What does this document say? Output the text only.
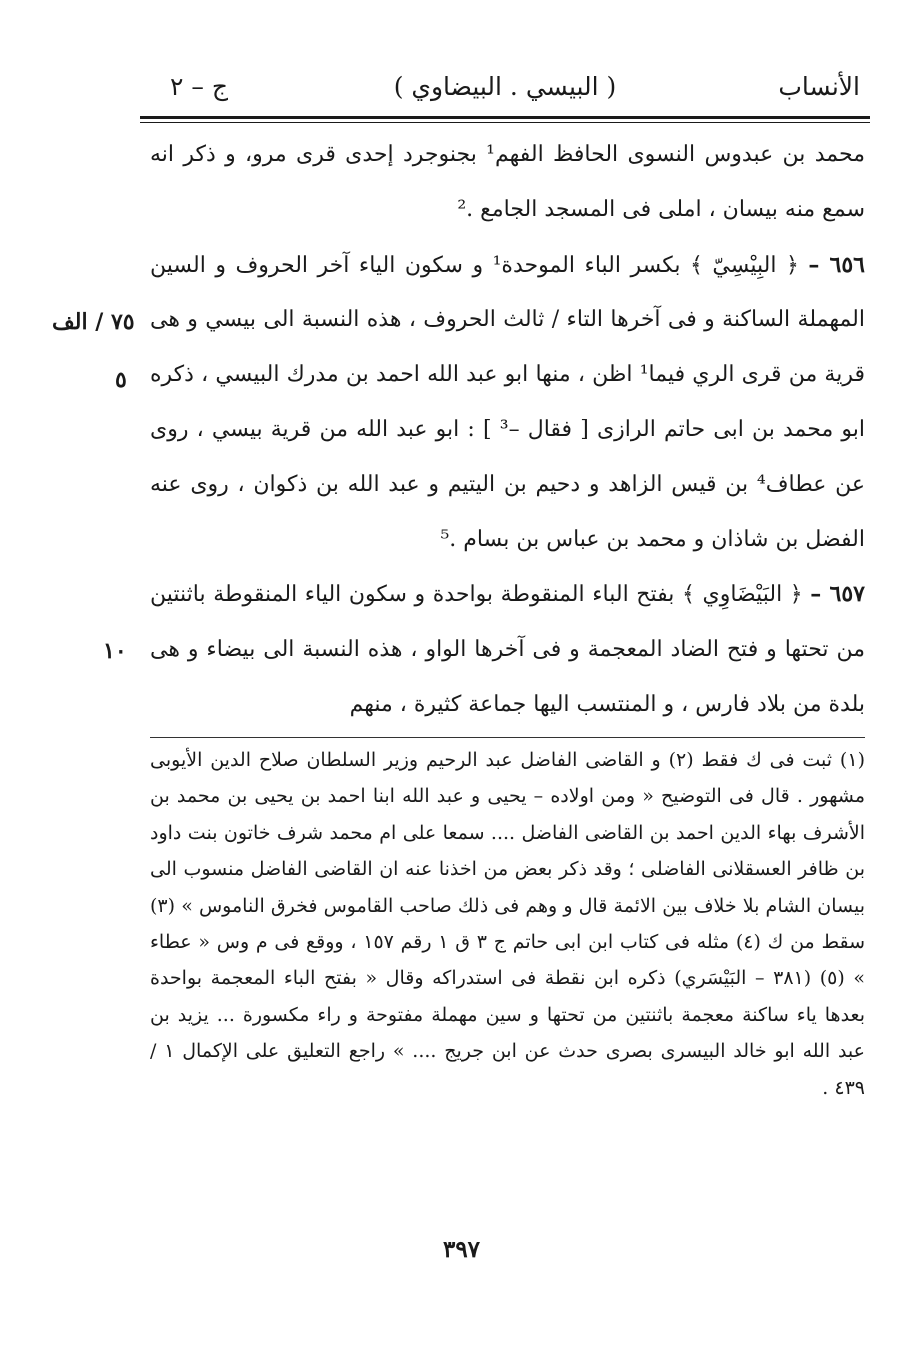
الأنساب
( البيسي . البيضاوي )
ج – ٢

محمد بن عبدوس النسوى الحافظ الفهم¹ بجنوجرد إحدى قرى مرو، و ذكر انه سمع منه بيسان ، املى فى المسجد الجامع .²

٦٥٦ – ﴿ البِيْسِيّ ﴾ بكسر الباء الموحدة¹ و سكون الياء آخر الحروف و السين المهملة الساكنة و فى آخرها التاء / ثالث الحروف ، هذه النسبة الى بيسي و هى قرية من قرى الري فيما¹ اظن ، منها ابو عبد الله احمد بن مدرك البيسي ، ذكره ابو محمد بن ابى حاتم الرازى [ فقال –³ ] : ابو عبد الله من قرية بيسي ، روى عن عطاف⁴ بن قيس الزاهد و دحيم بن اليتيم و عبد الله بن ذكوان ، روى عنه الفضل بن شاذان و محمد بن عباس بن بسام .⁵

٦٥٧ – ﴿ البَيْضَاوِي ﴾ بفتح الباء المنقوطة بواحدة و سكون الياء المنقوطة باثنتين من تحتها و فتح الضاد المعجمة و فى آخرها الواو ، هذه النسبة الى بيضاء و هى بلدة من بلاد فارس ، و المنتسب اليها جماعة كثيرة ، منهم

٧٥ / الف
٥
١٠

(١) ثبت فى ك فقط (٢) و القاضى الفاضل عبد الرحيم وزير السلطان صلاح الدين الأيوبى مشهور . قال فى التوضيح « ومن اولاده – يحيى و عبد الله ابنا احمد بن يحيى بن محمد بن الأشرف بهاء الدين احمد بن القاضى الفاضل .... سمعا على ام محمد شرف خاتون بنت داود بن ظافر العسقلانى الفاضلى ؛ وقد ذكر بعض من اخذنا عنه ان القاضى الفاضل منسوب الى بيسان الشام بلا خلاف بين الائمة قال و وهم فى ذلك صاحب القاموس فخرق الناموس » (٣) سقط من ك (٤) مثله فى كتاب ابن ابى حاتم ج ٣ ق ١ رقم ١٥٧ ، ووقع فى م وس « عطاء » (٥) (٣٨١ – البَيْسَري) ذكره ابن نقطة فى استدراكه وقال « بفتح الباء المعجمة بواحدة بعدها ياء ساكنة معجمة باثنتين من تحتها و سين مهملة مفتوحة و راء مكسورة ... يزيد بن عبد الله ابو خالد البيسرى بصرى حدث عن ابن جريج .... » راجع التعليق على الإكمال ١ / ٤٣٩ .

٣٩٧
